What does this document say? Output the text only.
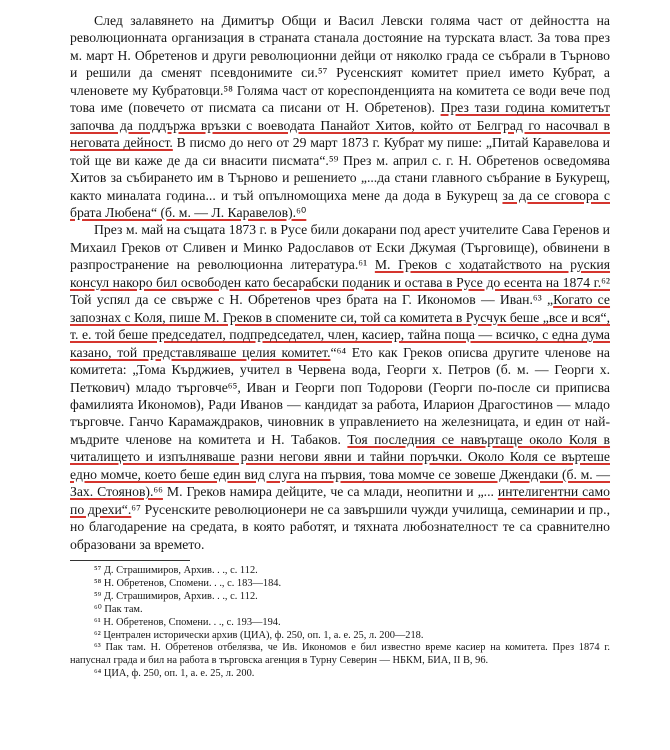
След залавянето на Димитър Общи и Васил Левски голяма част от дейността на революционната организация в страната станала достояние на турската власт. За това през м. март Н. Обретенов и други революционни дейци от няколко града се събрали в Търново и решили да сменят псевдонимите си.⁵⁷ Русенският комитет приел името Кубрат, а членовете му Кубратовци.⁵⁸ Голяма част от кореспонденцията на комитета се води вече под това име (повечето от писмата са писани от Н. Обретенов). През тази година комитетът започва да поддържа връзки с воеводата Панайот Хитов, който от Белград го насочвал в неговата дейност. В писмо до него от 29 март 1873 г. Кубрат му пише: „Питай Каравелова и той ще ви каже де да си внасити писмата“.⁵⁹ През м. април с. г. Н. Обретенов осведомява Хитов за събирането им в Търново и решението „...да стани главного събрание в Букурещ, както миналата година... и тъй опълномощиха мене да дода в Букурещ за да се сговора с брата Любена“ (б. м. — Л. Каравелов).⁶⁰

През м. май на същата 1873 г. в Русе били докарани под арест учителите Сава Геренов и Михаил Греков от Сливен и Минко Радославов от Ески Джумая (Търговище), обвинени в разпространение на революционна литература.⁶¹ М. Греков с ходатайството на руския консул накоро бил освободен като бесарабски поданик и остава в Русе до есента на 1874 г.⁶² Той успял да се свърже с Н. Обретенов чрез брата на Г. Икономов — Иван.⁶³ „Когато се запознах с Коля, пише М. Греков в спомените си, той са комитета в Русчук беше „все и вся“, т. е. той беше председател, подпредседател, член, касиер, тайна поща — всичко, с една дума казано, той представляваше целия комитет.“⁶⁴ Ето как Греков описва другите членове на комитета: „Тома Кърджиев, учител в Червена вода, Георги х. Петров (б. м. — Георги х. Петкович) младо търговче⁶⁵, Иван и Георги поп Тодорови (Георги по-после си приписва фамилията Икономов), Ради Иванов — кандидат за работа, Иларион Драгостинов — младо търговче. Ганчо Карамаждраков, чиновник в управлението на железницата, и един от най-мъдрите членове на комитета и Н. Табаков. Тоя последния се навъртаще около Коля в читалището и изпълняваше разни негови явни и тайни поръчки. Около Коля се въртеше едно момче, което беше един вид слуга на първия, това момче се зовеше Джендаки (б. м. — Зах. Стоянов).⁶⁶ М. Греков намира дейците, че са млади, неопитни и „... интелигентни само по дрехи“.⁶⁷ Русенските революционери не са завършили чужди училища, семинарии и пр., но благодарение на средата, в която работят, и тяхната любознателност те са сравнително образовани за времето.

⁵⁷ Д. Страшимиров, Архив. . ., с. 112.
⁵⁸ Н. Обретенов, Спомени. . ., с. 183—184.
⁵⁹ Д. Страшимиров, Архив. . ., с. 112.
⁶⁰ Пак там.
⁶¹ Н. Обретенов, Спомени. . ., с. 193—194.
⁶² Централен исторически архив (ЦИА), ф. 250, оп. 1, а. е. 25, л. 200—218.
⁶³ Пак там. Н. Обретенов отбелязва, че Ив. Икономов е бил известно време касиер на комитета. През 1874 г. напуснал града и бил на работа в търговска агенция в Турну Северин — НБКМ, БИА, II В, 96.
⁶⁴ ЦИА, ф. 250, оп. 1, а. е. 25, л. 200.
